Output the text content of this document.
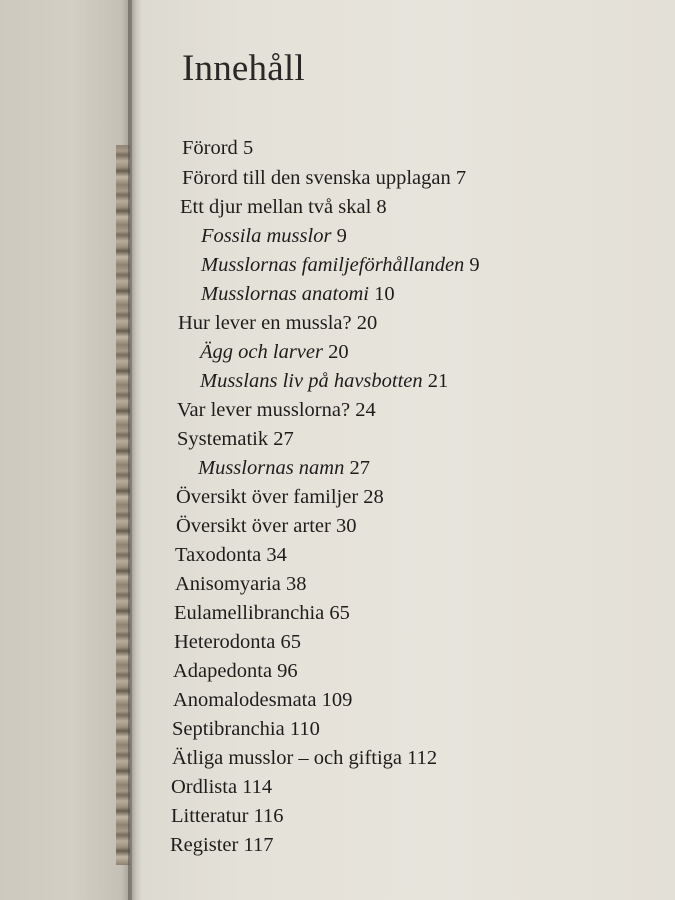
Innehåll
Förord 5
Förord till den svenska upplagan 7
Ett djur mellan två skal 8
Fossila musslor 9
Musslornas familjeförhållanden 9
Musslornas anatomi 10
Hur lever en mussla? 20
Ägg och larver 20
Musslans liv på havsbotten 21
Var lever musslorna? 24
Systematik 27
Musslornas namn 27
Översikt över familjer 28
Översikt över arter 30
Taxodonta 34
Anisomyaria 38
Eulamellibranchia 65
Heterodonta 65
Adapedonta 96
Anomalodesmata 109
Septibranchia 110
Ätliga musslor – och giftiga 112
Ordlista 114
Litteratur 116
Register 117
